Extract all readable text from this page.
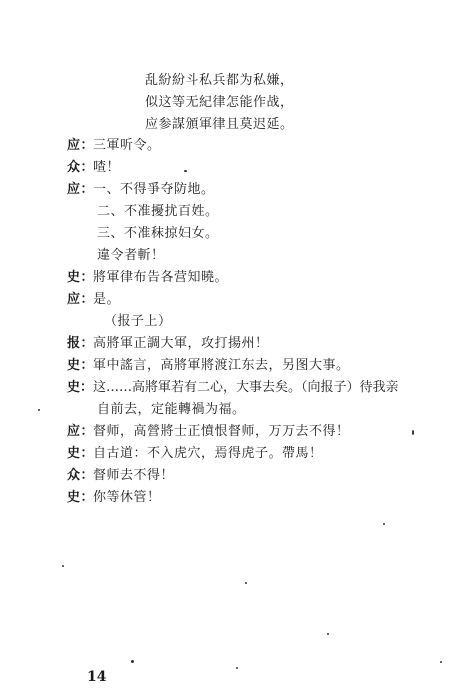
乱紛紛斗私兵都为私嫌，
似这等无紀律怎能作战，
应参謀頒軍律且莫迟延。
应：三軍听令。
众：喳！
应：一、不得爭夺防地。
二、不准擾扰百姓。
三、不准秣掠妇女。
違令者斬！
史：將軍律布告各营知曉。
应：是。
（报子上）
报：高將軍正調大軍，攻打揚州！
史：軍中謠言，高將軍將渡江东去，另图大事。
史：这……高將軍若有二心，大事去矣。（向报子）待我亲
自前去，定能轉禍为福。
应：督师，高營將士正憤恨督师，万万去不得！
史：自古道：不入虎穴，焉得虎子。帶馬！
众：督师去不得！
史：你等休管！
14
